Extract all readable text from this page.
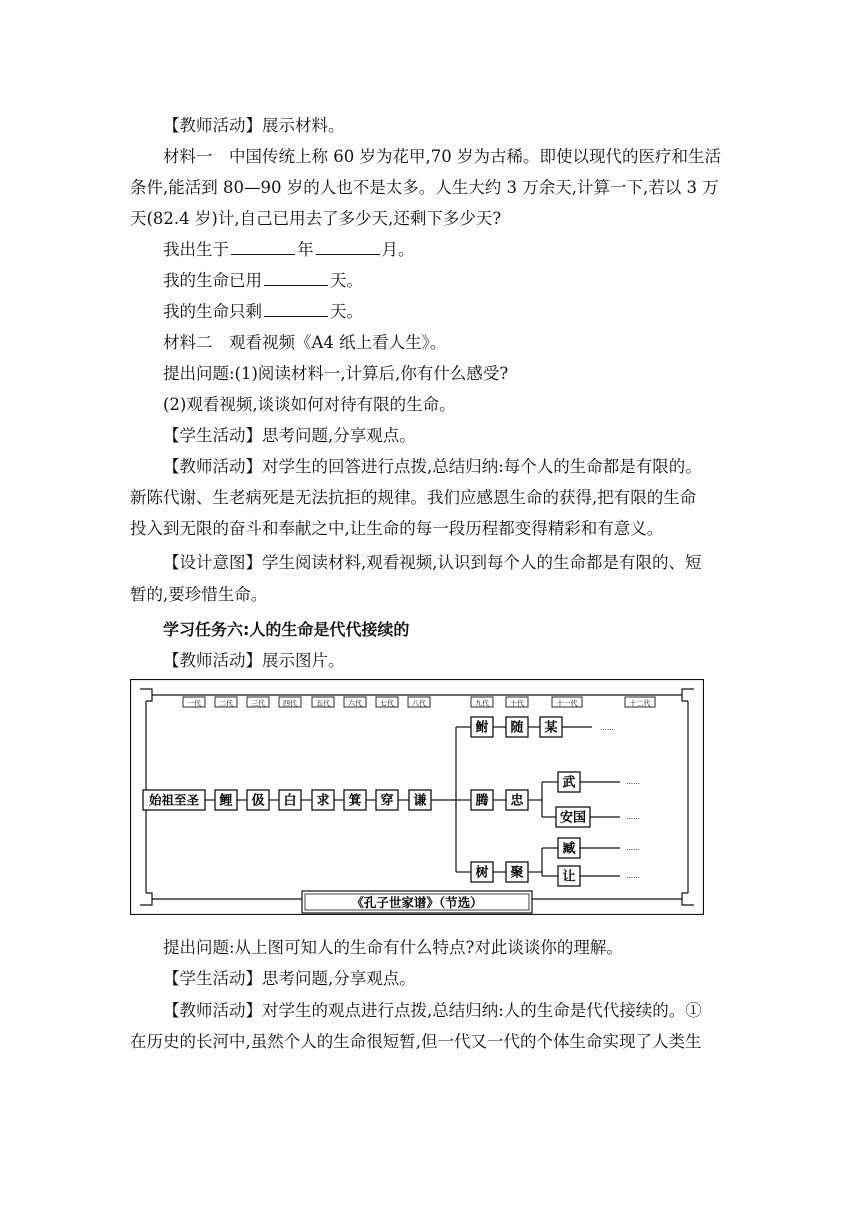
【教师活动】展示材料。

材料一　中国传统上称 60 岁为花甲,70 岁为古稀。即使以现代的医疗和生活

条件,能活到 80—90 岁的人也不是太多。人生大约 3 万余天,计算一下,若以 3 万

天(82.4 岁)计,自己已用去了多少天,还剩下多少天?

我出生于	年	月。

我的生命已用	天。

我的生命只剩	天。

材料二　观看视频《A4 纸上看人生》。

提出问题:(1)阅读材料一,计算后,你有什么感受?

(2)观看视频,谈谈如何对待有限的生命。

【学生活动】思考问题,分享观点。

【教师活动】对学生的回答进行点拨,总结归纳:每个人的生命都是有限的。

新陈代谢、生老病死是无法抗拒的规律。我们应感恩生命的获得,把有限的生命

投入到无限的奋斗和奉献之中,让生命的每一段历程都变得精彩和有意义。

【设计意图】学生阅读材料,观看视频,认识到每个人的生命都是有限的、短

暂的,要珍惜生命。

学习任务六:人的生命是代代接续的

【教师活动】展示图片。

一代	二代	三代	四代	五代	六代	七代	八代	九代	十代	十一代	十二代
始祖至圣 鲤 伋 白 求 箕 穿 谦
鲋 随 某	……
腾 忠
武
安国
……
……
树 聚
臧
让
……
……
《孔子世家谱》（节选）

提出问题:从上图可知人的生命有什么特点?对此谈谈你的理解。

【学生活动】思考问题,分享观点。

【教师活动】对学生的观点进行点拨,总结归纳:人的生命是代代接续的。①

在历史的长河中,虽然个人的生命很短暂,但一代又一代的个体生命实现了人类生
